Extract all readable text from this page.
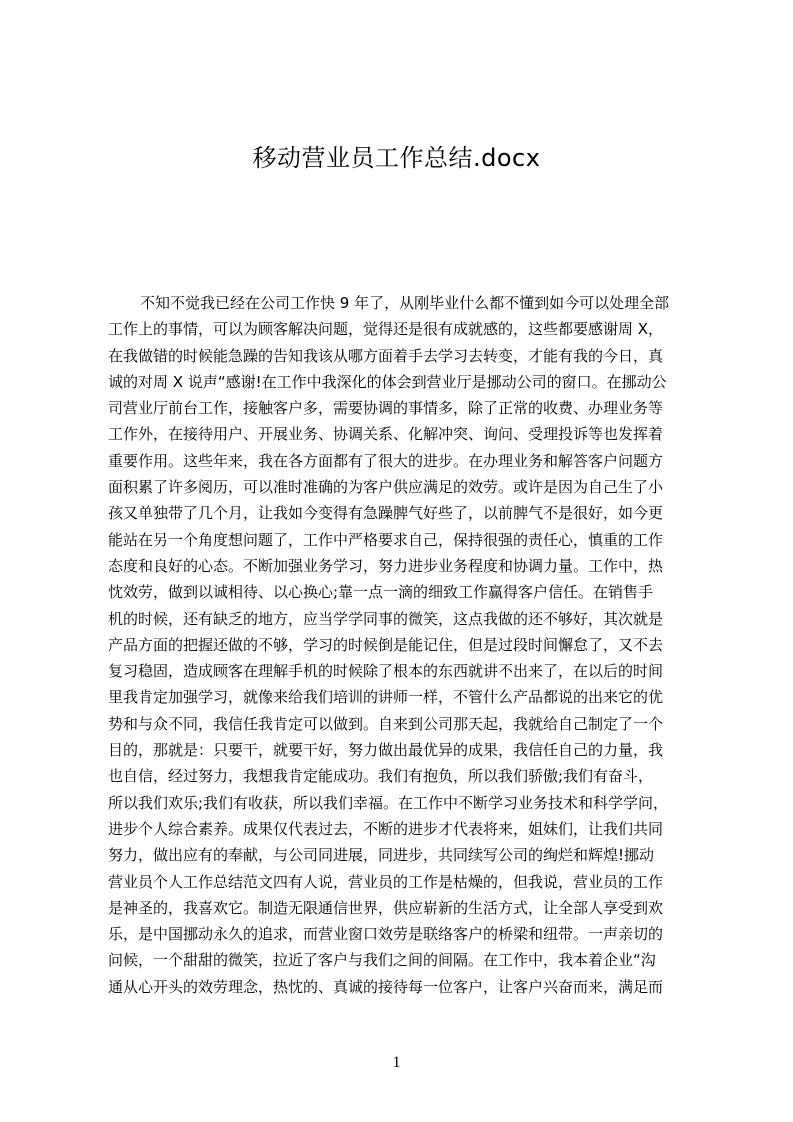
移动营业员工作总结.docx
不知不觉我已经在公司工作快 9 年了，从刚毕业什么都不懂到如今可以处理全部
工作上的事情，可以为顾客解决问题，觉得还是很有成就感的，这些都要感谢周 X，
在我做错的时候能急躁的告知我该从哪方面着手去学习去转变，才能有我的今日，真
诚的对周 X 说声“感谢!在工作中我深化的体会到营业厅是挪动公司的窗口。在挪动公
司营业厅前台工作，接触客户多，需要协调的事情多，除了正常的收费、办理业务等
工作外，在接待用户、开展业务、协调关系、化解冲突、询问、受理投诉等也发挥着
重要作用。这些年来，我在各方面都有了很大的进步。在办理业务和解答客户问题方
面积累了许多阅历，可以准时准确的为客户供应满足的效劳。或许是因为自己生了小
孩又单独带了几个月，让我如今变得有急躁脾气好些了，以前脾气不是很好，如今更
能站在另一个角度想问题了，工作中严格要求自己，保持很强的责任心，慎重的工作
态度和良好的心态。不断加强业务学习，努力进步业务程度和协调力量。工作中，热
忱效劳，做到以诚相待、以心换心;靠一点一滴的细致工作赢得客户信任。在销售手
机的时候，还有缺乏的地方，应当学学同事的微笑，这点我做的还不够好，其次就是
产品方面的把握还做的不够，学习的时候倒是能记住，但是过段时间懈怠了，又不去
复习稳固，造成顾客在理解手机的时候除了根本的东西就讲不出来了，在以后的时间
里我肯定加强学习，就像来给我们培训的讲师一样，不管什么产品都说的出来它的优
势和与众不同，我信任我肯定可以做到。自来到公司那天起，我就给自己制定了一个
目的，那就是：只要干，就要干好，努力做出最优异的成果，我信任自己的力量，我
也自信，经过努力，我想我肯定能成功。我们有抱负，所以我们骄傲;我们有奋斗，
所以我们欢乐;我们有收获，所以我们幸福。在工作中不断学习业务技术和科学学问，
进步个人综合素养。成果仅代表过去，不断的进步才代表将来，姐妹们，让我们共同
努力，做出应有的奉献，与公司同进展，同进步，共同续写公司的绚烂和辉煌!挪动
营业员个人工作总结范文四有人说，营业员的工作是枯燥的，但我说，营业员的工作
是神圣的，我喜欢它。制造无限通信世界，供应崭新的生活方式，让全部人享受到欢
乐，是中国挪动永久的追求，而营业窗口效劳是联络客户的桥梁和纽带。一声亲切的
问候，一个甜甜的微笑，拉近了客户与我们之间的间隔。在工作中，我本着企业“沟
通从心开头的效劳理念，热忱的、真诚的接待每一位客户，让客户兴奋而来，满足而
1
